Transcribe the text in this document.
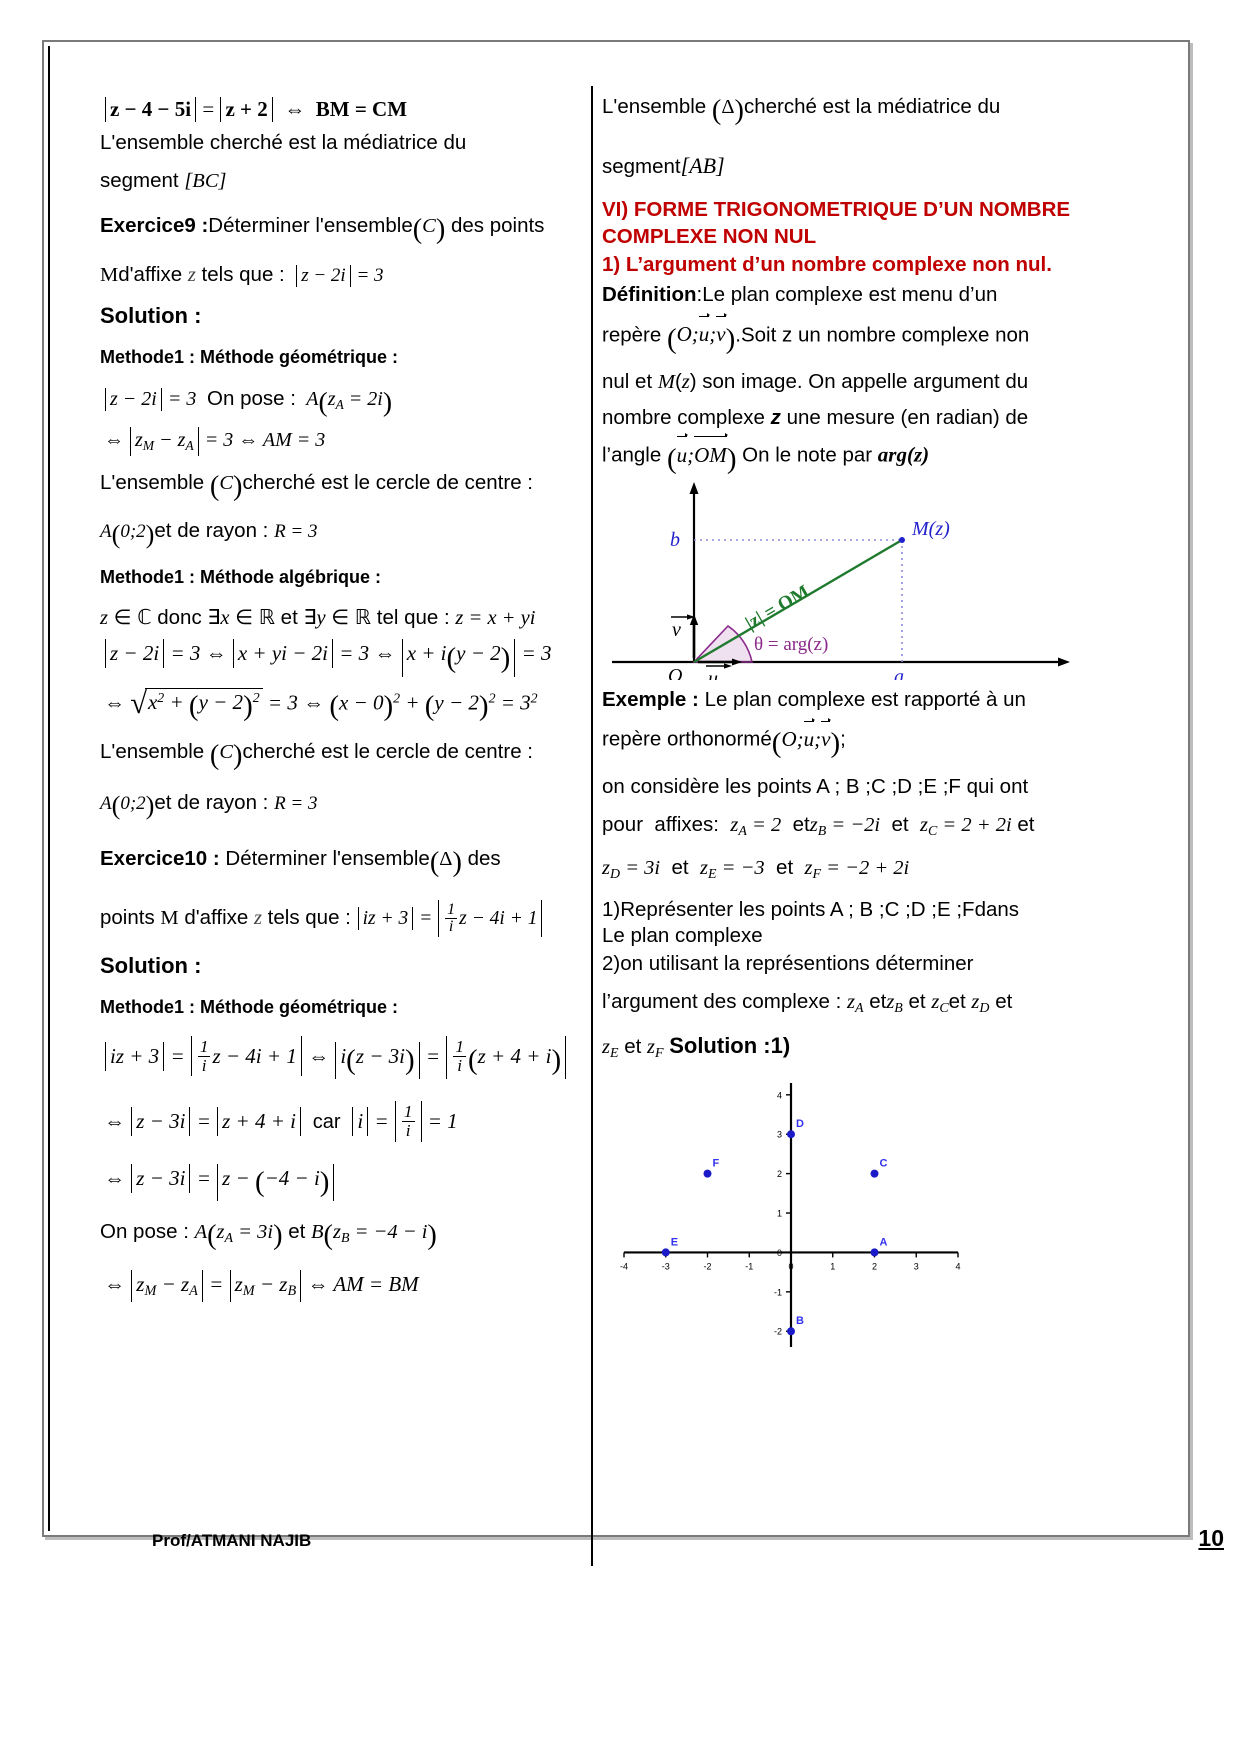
z − 4 − 5i = z + 2 ⇔ BM = CM

L'ensemble cherché est la médiatrice du

segment [BC]

Exercice9 :Déterminer l'ensemble(C) des points

Md'affixe z tels que :  z − 2i = 3

Solution :

Methode1 : Méthode géométrique :

z − 2i = 3  On pose :  $A(z_A = 2i)$
⇔ $z_M - z_A = 3$ ⇔ AM = 3

L'ensemble (C)cherché est le cercle de centre :

A(0;2)et de rayon : R = 3

Methode1 : Méthode algébrique :

z ∈ ℂ donc ∃x ∈ ℝ et ∃y ∈ ℝ tel que : z = x + yi

z − 2i = 3 ⇔ x + yi − 2i = 3 ⇔ x + i(y − 2) = 3
⇔ $√x^2 + (y - 2)^2 = 3$ ⇔ $(x - 0)^2 + (y - 2)^2 = 3^2$

L'ensemble (C)cherché est le cercle de centre :

A(0;2)et de rayon : R = 3

Exercice10 : Déterminer l'ensemble(Δ) des

points M d'affixe z tels que : iz + $3 = \frac{1}{i}$ z − 4i + 1

Solution :

Methode1 : Méthode géométrique :

iz + $3 = \frac{1}{i}$ z − 4i + 1 ⇔ $i(z - 3i) = \frac{1}{i} (z + 4 + i)$
⇔ z − 3i = z + 4 + i  car  $i = \frac{1}{i} = 1$
⇔ z − 3i = z − (−4 − i)

On pose : $A(z_A = 3i)$ et $B(z_B = -4 - i)$

⇔ $z_M - z_A = z_M - z_B$ ⇔ AM = BM

L'ensemble (Δ)cherché est la médiatrice du

segment[AB]

VI) FORME TRIGONOMETRIQUE D’UN NOMBRE

COMPLEXE NON NUL

1) L’argument d’un nombre complexe non nul.

Définition:Le plan complexe est menu d’un

repère (O;u;v).Soit z un nombre complexe non

nul et M(z) son image. On appelle argument du

nombre complexe z une mesure (en radian) de

l’angle (u;OM) On le note par arg(z)

M(z)
b
a
O u
v	|z| = OM
θ = arg(z)

Exemple : Le plan complexe est rapporté à un

repère orthonormé(O;u;v);

on considère les points A ; B ;C ;D ;E ;F qui ont

pour  affixes:  $z_A = 2$  etz$_B$ = −2i  et  $z_C = 2 + 2i$ et

$z_D = 3i$  et  $z_E = -3$  et  $z_F = -2 + 2i$

1)Représenter les points A ; B ;C ;D ;E ;Fdans

Le plan complexe

2)on utilisant la représentions déterminer

l’argument des complexe : $z_A$ etz$_B$ et $z_Cet$ $z_D$ et

$z_E$ et $z_F$ Solution :1)

-4	-3	-2	-1	0	1	2	3	4
-2
-1
0
1
2
3
4
A
B
C
D
E
F
Prof/ATMANI NAJIB	10
